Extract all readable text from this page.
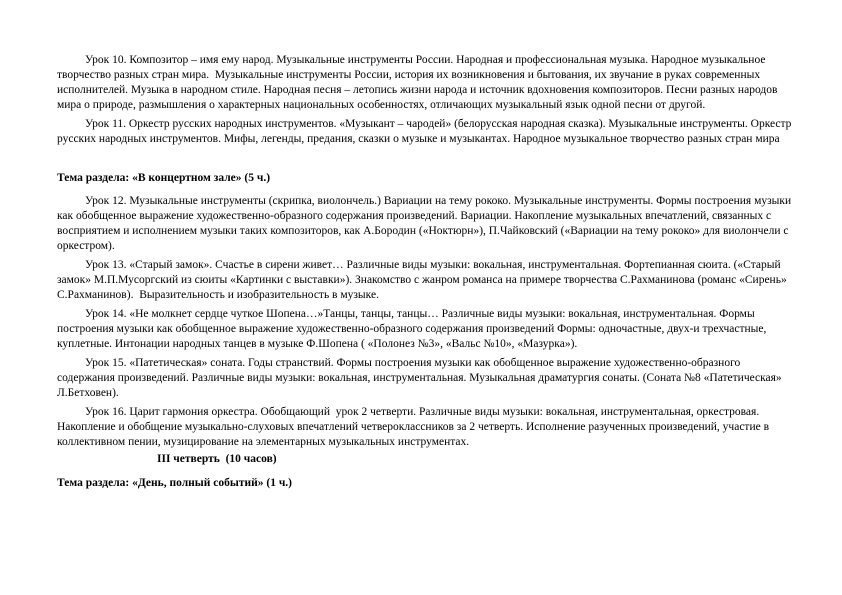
Урок 10. Композитор – имя ему народ. Музыкальные инструменты России. Народная и профессиональная музыка. Народное музыкальное творчество разных стран мира.  Музыкальные инструменты России, история их возникновения и бытования, их звучание в руках современных исполнителей. Музыка в народном стиле. Народная песня – летопись жизни народа и источник вдохновения композиторов. Песни разных народов мира о природе, размышления о характерных национальных особенностях, отличающих музыкальный язык одной песни от другой.

Урок 11. Оркестр русских народных инструментов. «Музыкант – чародей» (белорусская народная сказка). Музыкальные инструменты. Оркестр русских народных инструментов. Мифы, легенды, предания, сказки о музыке и музыкантах. Народное музыкальное творчество разных стран мира

Тема раздела: «В концертном зале» (5 ч.)

Урок 12. Музыкальные инструменты (скрипка, виолончель.) Вариации на тему рококо. Музыкальные инструменты. Формы построения музыки как обобщенное выражение художественно-образного содержания произведений. Вариации. Накопление музыкальных впечатлений, связанных с восприятием и исполнением музыки таких композиторов, как А.Бородин («Ноктюрн»), П.Чайковский («Вариации на тему рококо» для виолончели с оркестром).

Урок 13. «Старый замок». Счастье в сирени живет… Различные виды музыки: вокальная, инструментальная. Фортепианная сюита. («Старый замок» М.П.Мусоргский из сюиты «Картинки с выставки»). Знакомство с жанром романса на примере творчества С.Рахманинова (романс «Сирень» С.Рахманинов).  Выразительность и изобразительность в музыке.

Урок 14. «Не молкнет сердце чуткое Шопена…»Танцы, танцы, танцы… Различные виды музыки: вокальная, инструментальная. Формы построения музыки как обобщенное выражение художественно-образного содержания произведений Формы: одночастные, двух-и трехчастные, куплетные. Интонации народных танцев в музыке Ф.Шопена ( «Полонез №3», «Вальс №10», «Мазурка»).

Урок 15. «Патетическая» соната. Годы странствий. Формы построения музыки как обобщенное выражение художественно-образного содержания произведений. Различные виды музыки: вокальная, инструментальная. Музыкальная драматургия сонаты. (Соната №8 «Патетическая» Л.Бетховен).

Урок 16. Царит гармония оркестра. Обобщающий  урок 2 четверти. Различные виды музыки: вокальная, инструментальная, оркестровая. Накопление и обобщение музыкально-слуховых впечатлений четвероклассников за 2 четверть. Исполнение разученных произведений, участие в коллективном пении, музицирование на элементарных музыкальных инструментах.

III четверть  (10 часов)

Тема раздела: «День, полный событий» (1 ч.)
